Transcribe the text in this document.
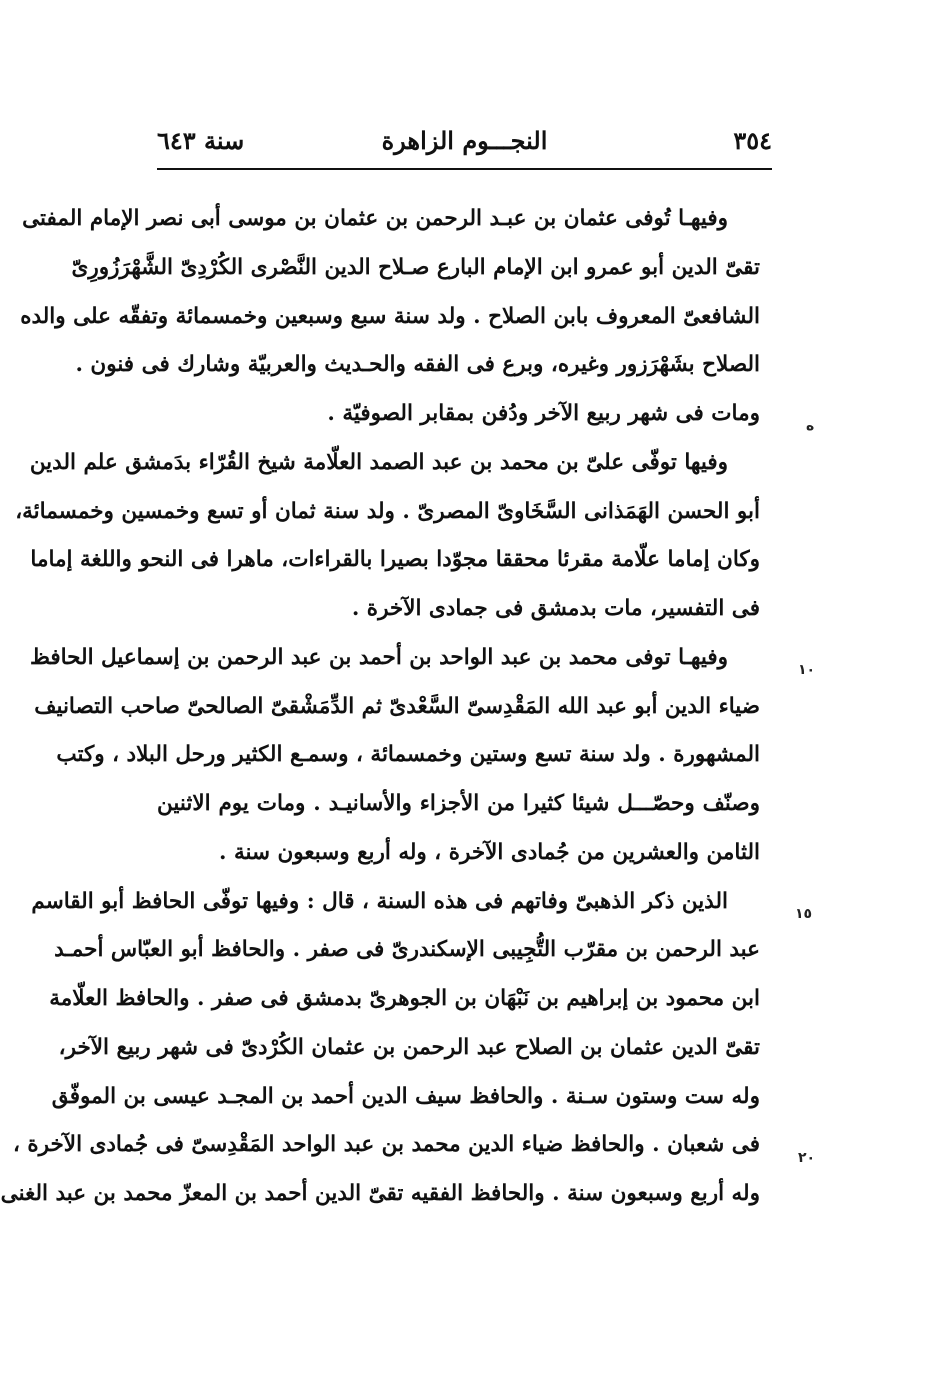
٣٥٤
النجـــوم الزاهرة
سنة ٦٤٣
ه
١٠
١٥
٢٠
وفيهـا تُوفى عثمان بن عبـد الرحمن بن عثمان بن موسى أبى نصر الإمام المفتى
تقىّ الدين أبو عمرو ابن الإمام البارع صـلاح الدين النَّصْرى الكُرْدِىّ الشَّهْرَزُورِىّ
الشافعىّ المعروف بابن الصلاح . ولد سنة سبع وسبعين وخمسمائة وتفقّه على والده
الصلاح بشَهْرَزور وغيره، وبرع فى الفقه والحـديث والعربيّة وشارك فى فنون .
ومات فى شهر ربيع الآخر ودُفن بمقابر الصوفيّة .
وفيها توفّى علىّ بن محمد بن عبد الصمد العلّامة شيخ القُرّاء بدَمشق علم الدين
أبو الحسن الهَمَذانى السَّخَاوىّ المصرىّ . ولد سنة ثمان أو تسع وخمسين وخمسمائة،
وكان إماما علّامة مقرئا محققا مجوّدا بصيرا بالقراءات، ماهرا فى النحو واللغة إماما
فى التفسير، مات بدمشق فى جمادى الآخرة .
وفيهـا توفى محمد بن عبد الواحد بن أحمد بن عبد الرحمن بن إسماعيل الحافظ
ضياء الدين أبو عبد الله المَقْدِسىّ السَّعْدىّ ثم الدِّمَشْقىّ الصالحىّ صاحب التصانيف
المشهورة . ولد سنة تسع وستين وخمسمائة ، وسمـع الكثير ورحل البلاد ، وكتب
وصنّف وحصّـــل شيئا كثيرا من الأجزاء والأسانيـد . ومات يوم الاثنين
الثامن والعشرين من جُمادى الآخرة ، وله أربع وسبعون سنة .
الذين ذكر الذهبىّ وفاتهم فى هذه السنة ، قال : وفيها توفّى الحافظ أبو القاسم
عبد الرحمن بن مقرّب التُّجِيبى الإسكندرىّ فى صفر . والحافظ أبو العبّاس أحمـد
ابن محمود بن إبراهيم بن نَبْهَان بن الجوهرىّ بدمشق فى صفر . والحافظ العلّامة
تقىّ الدين عثمان بن الصلاح عبد الرحمن بن عثمان الكُرْدىّ فى شهر ربيع الآخر،
وله ست وستون سـنة . والحافظ سيف الدين أحمد بن المجـد عيسى بن الموفّق
فى شعبان . والحافظ ضياء الدين محمد بن عبد الواحد المَقْدِسىّ فى جُمادى الآخرة ،
وله أربع وسبعون سنة . والحافظ الفقيه تقىّ الدين أحمد بن المعزّ محمد بن عبد الغنى
